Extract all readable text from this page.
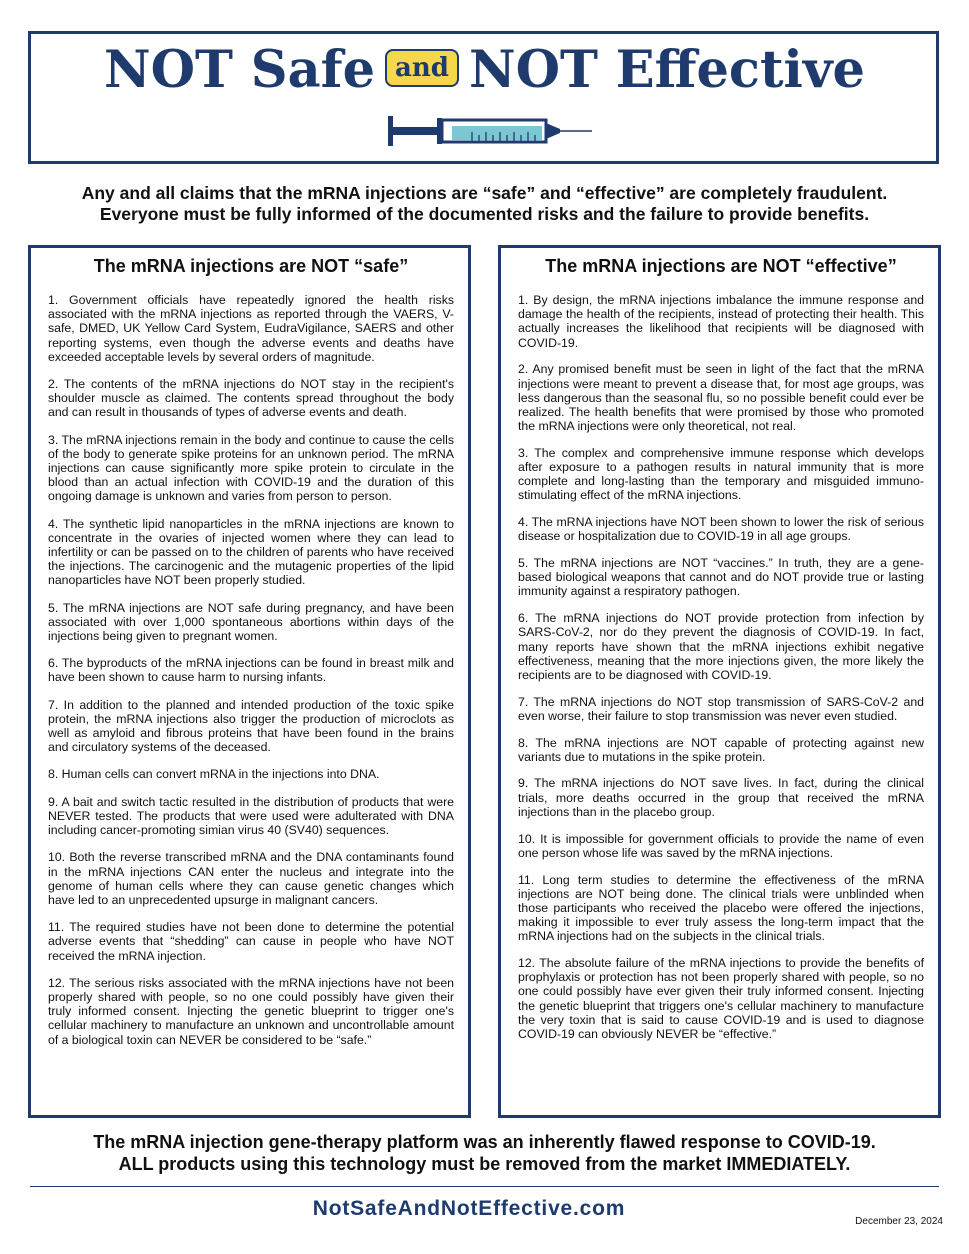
NOT Safe and NOT Effective
Any and all claims that the mRNA injections are “safe” and “effective” are completely fraudulent.
Everyone must be fully informed of the documented risks and the failure to provide benefits.
The mRNA injections are NOT “safe”
1. Government officials have repeatedly ignored the health risks associated with the mRNA injections as reported through the VAERS, V-safe, DMED, UK Yellow Card System, EudraVigilance, SAERS and other reporting systems, even though the adverse events and deaths have exceeded acceptable levels by several orders of magnitude.
2. The contents of the mRNA injections do NOT stay in the recipient's shoulder muscle as claimed. The contents spread throughout the body and can result in thousands of types of adverse events and death.
3. The mRNA injections remain in the body and continue to cause the cells of the body to generate spike proteins for an unknown period. The mRNA injections can cause significantly more spike protein to circulate in the blood than an actual infection with COVID-19 and the duration of this ongoing damage is unknown and varies from person to person.
4. The synthetic lipid nanoparticles in the mRNA injections are known to concentrate in the ovaries of injected women where they can lead to infertility or can be passed on to the children of parents who have received the injections. The carcinogenic and the mutagenic properties of the lipid nanoparticles have NOT been properly studied.
5. The mRNA injections are NOT safe during pregnancy, and have been associated with over 1,000 spontaneous abortions within days of the injections being given to pregnant women.
6. The byproducts of the mRNA injections can be found in breast milk and have been shown to cause harm to nursing infants.
7. In addition to the planned and intended production of the toxic spike protein, the mRNA injections also trigger the production of microclots as well as amyloid and fibrous proteins that have been found in the brains and circulatory systems of the deceased.
8. Human cells can convert mRNA in the injections into DNA.
9. A bait and switch tactic resulted in the distribution of products that were NEVER tested. The products that were used were adulterated with DNA including cancer-promoting simian virus 40 (SV40) sequences.
10. Both the reverse transcribed mRNA and the DNA contaminants found in the mRNA injections CAN enter the nucleus and integrate into the genome of human cells where they can cause genetic changes which have led to an unprecedented upsurge in malignant cancers.
11. The required studies have not been done to determine the potential adverse events that “shedding” can cause in people who have NOT received the mRNA injection.
12. The serious risks associated with the mRNA injections have not been properly shared with people, so no one could possibly have given their truly informed consent. Injecting the genetic blueprint to trigger one's cellular machinery to manufacture an unknown and uncontrollable amount of a biological toxin can NEVER be considered to be “safe.”
The mRNA injections are NOT “effective”
1. By design, the mRNA injections imbalance the immune response and damage the health of the recipients, instead of protecting their health. This actually increases the likelihood that recipients will be diagnosed with COVID-19.
2. Any promised benefit must be seen in light of the fact that the mRNA injections were meant to prevent a disease that, for most age groups, was less dangerous than the seasonal flu, so no possible benefit could ever be realized. The health benefits that were promised by those who promoted the mRNA injections were only theoretical, not real.
3. The complex and comprehensive immune response which develops after exposure to a pathogen results in natural immunity that is more complete and long-lasting than the temporary and misguided immuno-stimulating effect of the mRNA injections.
4. The mRNA injections have NOT been shown to lower the risk of serious disease or hospitalization due to COVID-19 in all age groups.
5. The mRNA injections are NOT “vaccines.” In truth, they are a gene-based biological weapons that cannot and do NOT provide true or lasting immunity against a respiratory pathogen.
6. The mRNA injections do NOT provide protection from infection by SARS-CoV-2, nor do they prevent the diagnosis of COVID-19. In fact, many reports have shown that the mRNA injections exhibit negative effectiveness, meaning that the more injections given, the more likely the recipients are to be diagnosed with COVID-19.
7. The mRNA injections do NOT stop transmission of SARS-CoV-2 and even worse, their failure to stop transmission was never even studied.
8. The mRNA injections are NOT capable of protecting against new variants due to mutations in the spike protein.
9. The mRNA injections do NOT save lives. In fact, during the clinical trials, more deaths occurred in the group that received the mRNA injections than in the placebo group.
10. It is impossible for government officials to provide the name of even one person whose life was saved by the mRNA injections.
11. Long term studies to determine the effectiveness of the mRNA injections are NOT being done. The clinical trials were unblinded when those participants who received the placebo were offered the injections, making it impossible to ever truly assess the long-term impact that the mRNA injections had on the subjects in the clinical trials.
12. The absolute failure of the mRNA injections to provide the benefits of prophylaxis or protection has not been properly shared with people, so no one could possibly have ever given their truly informed consent. Injecting the genetic blueprint that triggers one's cellular machinery to manufacture the very toxin that is said to cause COVID-19 and is used to diagnose COVID-19 can obviously NEVER be “effective.”
The mRNA injection gene-therapy platform was an inherently flawed response to COVID-19.
ALL products using this technology must be removed from the market IMMEDIATELY.
NotSafeAndNotEffective.com
December 23, 2024
